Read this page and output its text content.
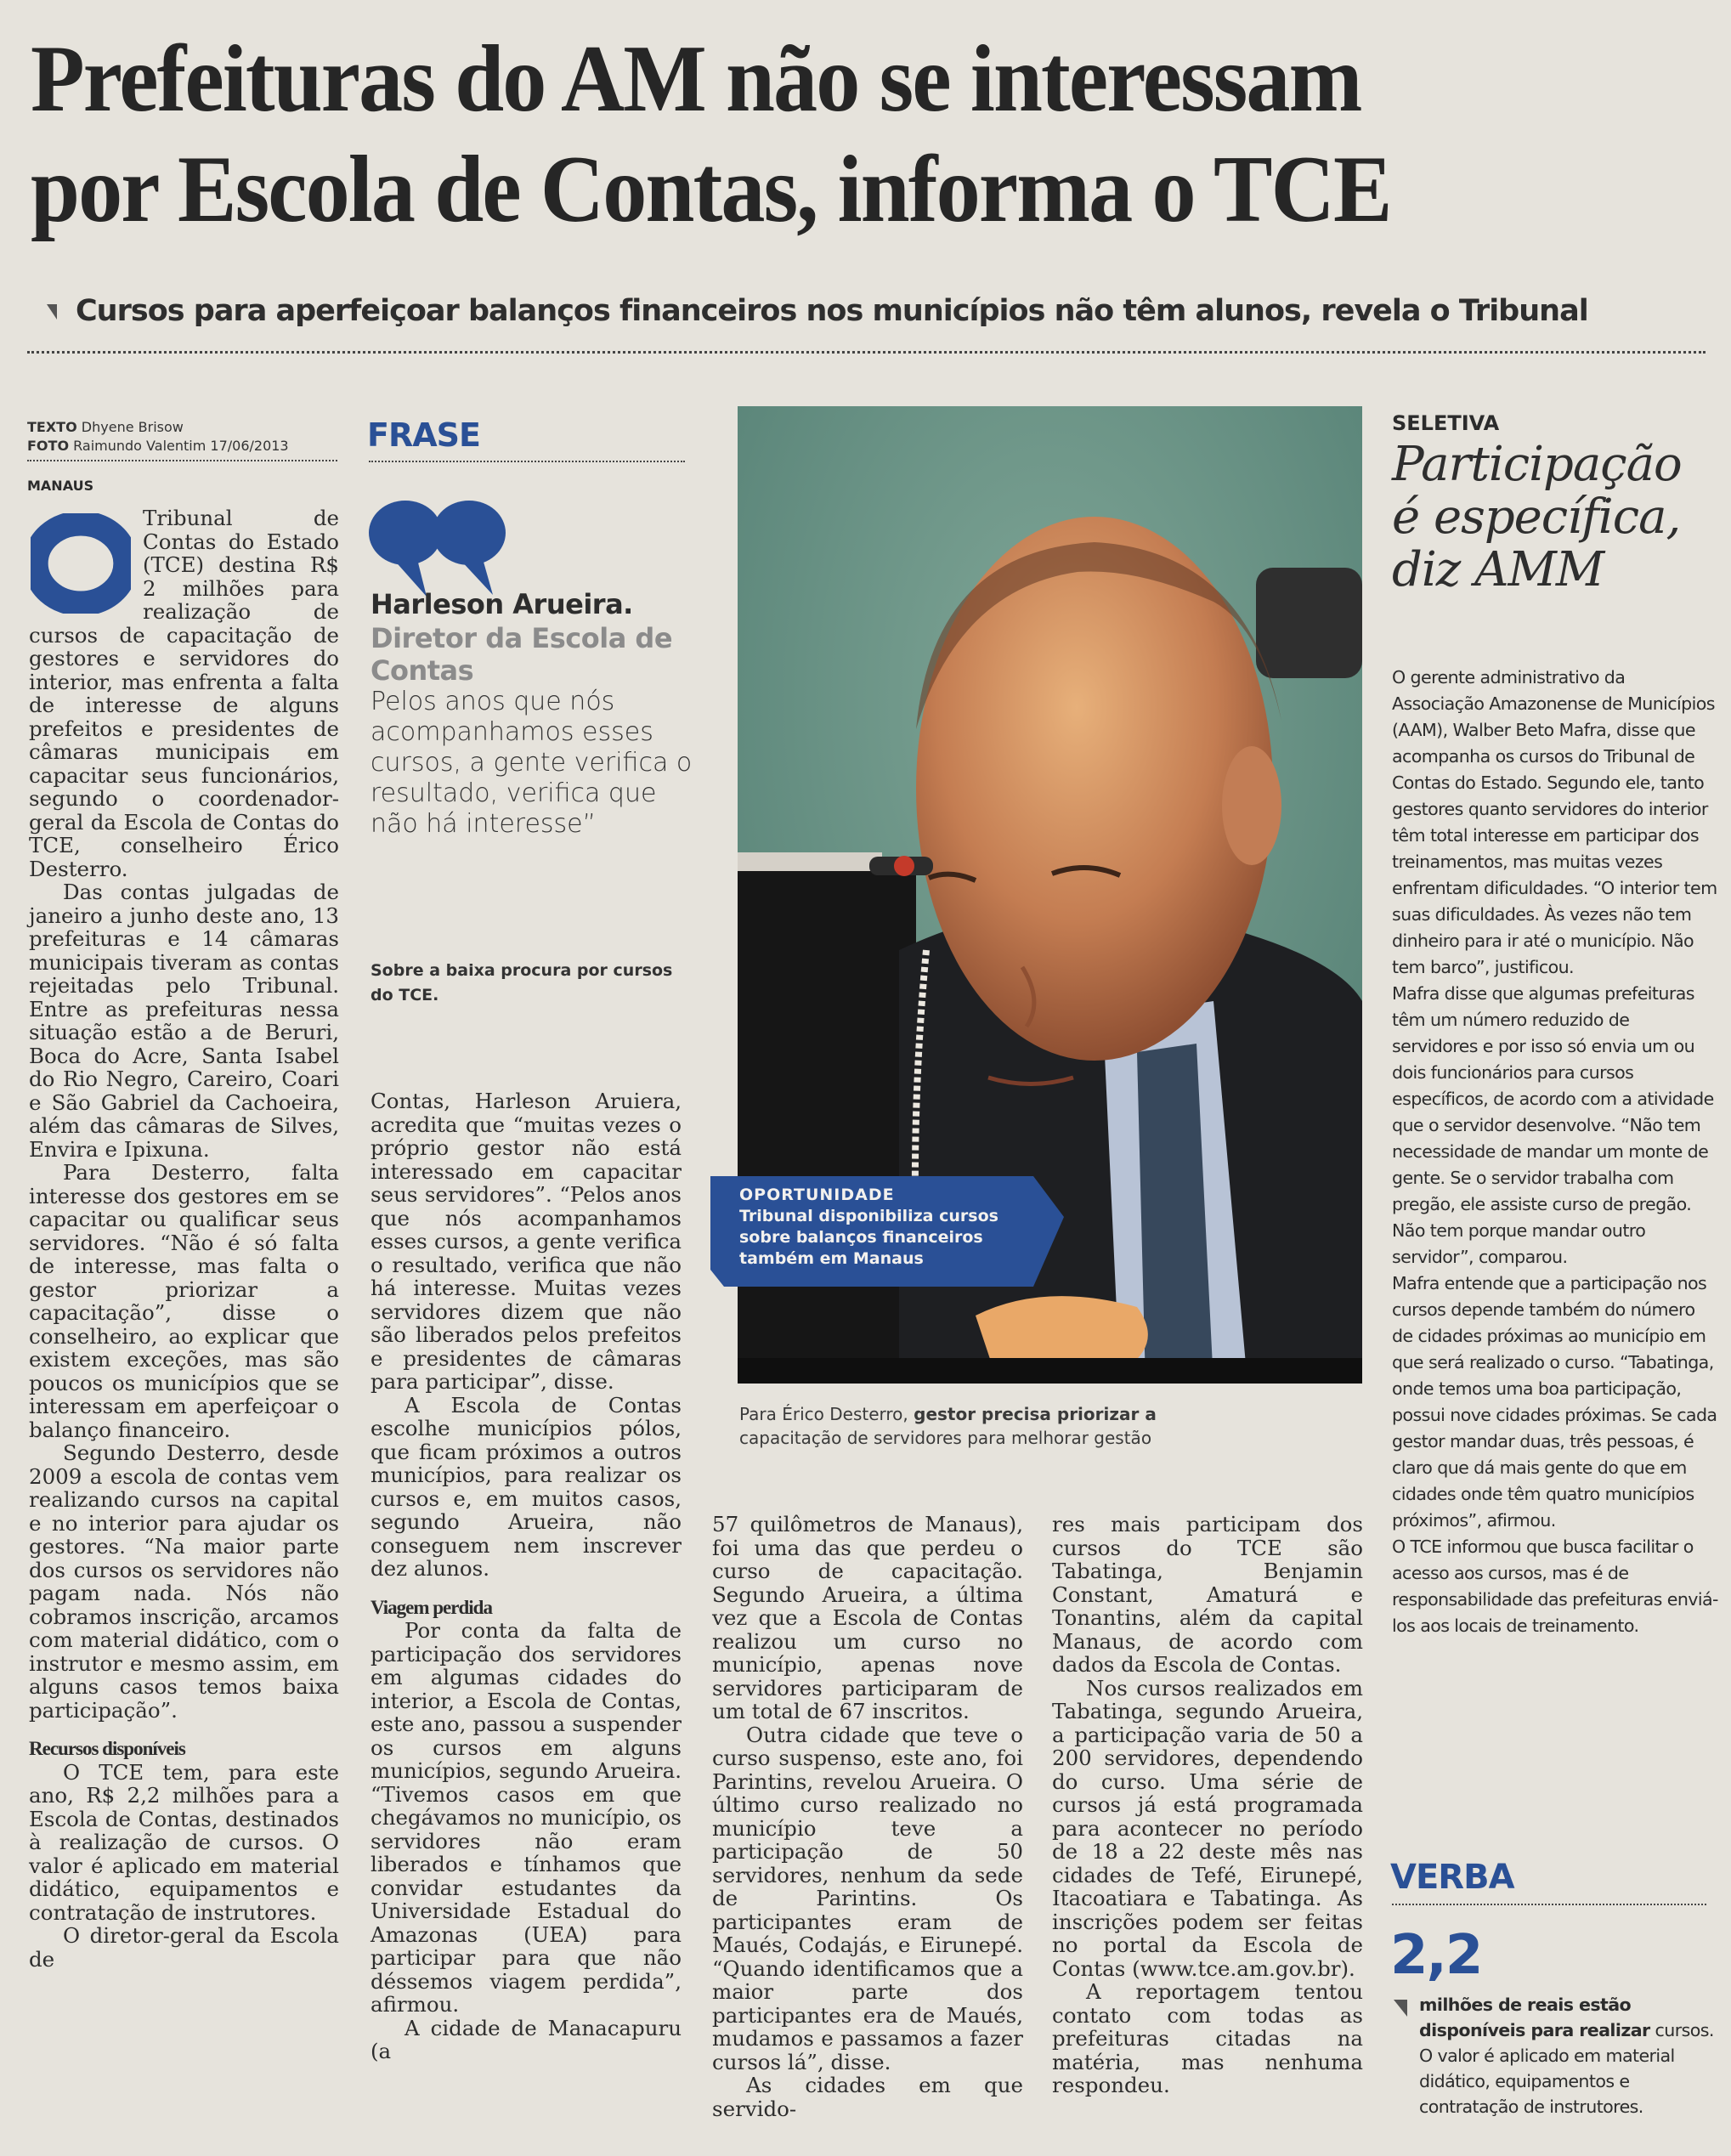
Prefeituras do AM não se interessam
por Escola de Contas, informa o TCE
Cursos para aperfeiçoar balanços financeiros nos municípios não têm alunos, revela o Tribunal
TEXTO Dhyene Brisow
FOTO Raimundo Valentim 17/06/2013
MANAUS

Tribunal de Contas do Estado (TCE) destina R$ 2 milhões para realização de cursos de capacitação de gestores e servidores do interior, mas enfrenta a falta de interesse de alguns prefeitos e presidentes de câmaras municipais em capacitar seus funcionários, segundo o coordenador-geral da Escola de Contas do TCE, conselheiro Érico Desterro.

Das contas julgadas de janeiro a junho deste ano, 13 prefeituras e 14 câmaras municipais tiveram as contas rejeitadas pelo Tribunal. Entre as prefeituras nessa situação estão a de Beruri, Boca do Acre, Santa Isabel do Rio Negro, Careiro, Coari e São Gabriel da Cachoeira, além das câmaras de Silves, Envira e Ipixuna.

Para Desterro, falta interesse dos gestores em se capacitar ou qualificar seus servidores. “Não é só falta de interesse, mas falta o gestor priorizar a capacitação”, disse o conselheiro, ao explicar que existem exceções, mas são poucos os municípios que se interessam em aperfeiçoar o balanço financeiro.

Segundo Desterro, desde 2009 a escola de contas vem realizando cursos na capital e no interior para ajudar os gestores. “Na maior parte dos cursos os servidores não pagam nada. Nós não cobramos inscrição, arcamos com material didático, com o instrutor e mesmo assim, em alguns casos temos baixa participação”.

Recursos disponíveis

O TCE tem, para este ano, R$ 2,2 milhões para a Escola de Contas, destinados à realização de cursos. O valor é aplicado em material didático, equipamentos e contratação de instrutores.

O diretor-geral da Escola de

FRASE
Harleson Arueira.
Diretor da Escola de Contas
Pelos anos que nós acompanhamos esses cursos, a gente verifica o resultado, verifica que não há interesse”
Sobre a baixa procura por cursos do TCE.

Contas, Harleson Aruiera, acredita que “muitas vezes o próprio gestor não está interessado em capacitar seus servidores”. “Pelos anos que nós acompanhamos esses cursos, a gente verifica o resultado, verifica que não há interesse. Muitas vezes servidores dizem que não são liberados pelos prefeitos e presidentes de câmaras para participar”, disse.

A Escola de Contas escolhe municípios pólos, que ficam próximos a outros municípios, para realizar os cursos e, em muitos casos, segundo Arueira, não conseguem nem inscrever dez alunos.

Viagem perdida

Por conta da falta de participação dos servidores em algumas cidades do interior, a Escola de Contas, este ano, passou a suspender os cursos em alguns municípios, segundo Arueira. “Tivemos casos em que chegávamos no município, os servidores não eram liberados e tínhamos que convidar estudantes da Universidade Estadual do Amazonas (UEA) para participar para que não déssemos viagem perdida”, afirmou.

A cidade de Manacapuru (a

OPORTUNIDADE
Tribunal disponibiliza cursos sobre balanços financeiros também em Manaus
Para Érico Desterro, gestor precisa priorizar a
capacitação de servidores para melhorar gestão

57 quilômetros de Manaus), foi uma das que perdeu o curso de capacitação. Segundo Arueira, a última vez que a Escola de Contas realizou um curso no município, apenas nove servidores participaram de um total de 67 inscritos.

Outra cidade que teve o curso suspenso, este ano, foi Parintins, revelou Arueira. O último curso realizado no município teve a participação de 50 servidores, nenhum da sede de Parintins. Os participantes eram de Maués, Codajás, e Eirunepé. “Quando identificamos que a maior parte dos participantes era de Maués, mudamos e passamos a fazer cursos lá”, disse.

As cidades em que servido-

res mais participam dos cursos do TCE são Tabatinga, Benjamin Constant, Amaturá e Tonantins, além da capital Manaus, de acordo com dados da Escola de Contas.

Nos cursos realizados em Tabatinga, segundo Arueira, a participação varia de 50 a 200 servidores, dependendo do curso. Uma série de cursos já está programada para acontecer no período de 18 a 22 deste mês nas cidades de Tefé, Eirunepé, Itacoatiara e Tabatinga. As inscrições podem ser feitas no portal da Escola de Contas (www.tce.am.gov.br).

A reportagem tentou contato com todas as prefeituras citadas na matéria, mas nenhuma respondeu.

SELETIVA
Participação é específica, diz AMM

O gerente administrativo da Associação Amazonense de Municípios (AAM), Walber Beto Mafra, disse que acompanha os cursos do Tribunal de Contas do Estado. Segundo ele, tanto gestores quanto servidores do interior têm total interesse em participar dos treinamentos, mas muitas vezes enfrentam dificuldades. “O interior tem suas dificuldades. Às vezes não tem dinheiro para ir até o município. Não tem barco”, justificou.

Mafra disse que algumas prefeituras têm um número reduzido de servidores e por isso só envia um ou dois funcionários para cursos específicos, de acordo com a atividade que o servidor desenvolve. “Não tem necessidade de mandar um monte de gente. Se o servidor trabalha com pregão, ele assiste curso de pregão. Não tem porque mandar outro servidor”, comparou.

Mafra entende que a participação nos cursos depende também do número de cidades próximas ao município em que será realizado o curso. “Tabatinga, onde temos uma boa participação, possui nove cidades próximas. Se cada gestor mandar duas, três pessoas, é claro que dá mais gente do que em cidades onde têm quatro municípios próximos”, afirmou.

O TCE informou que busca facilitar o acesso aos cursos, mas é de responsabilidade das prefeituras enviá-los aos locais de treinamento.

VERBA
2,2
milhões de reais estão disponíveis para realizar cursos. O valor é aplicado em material didático, equipamentos e contratação de instrutores.
